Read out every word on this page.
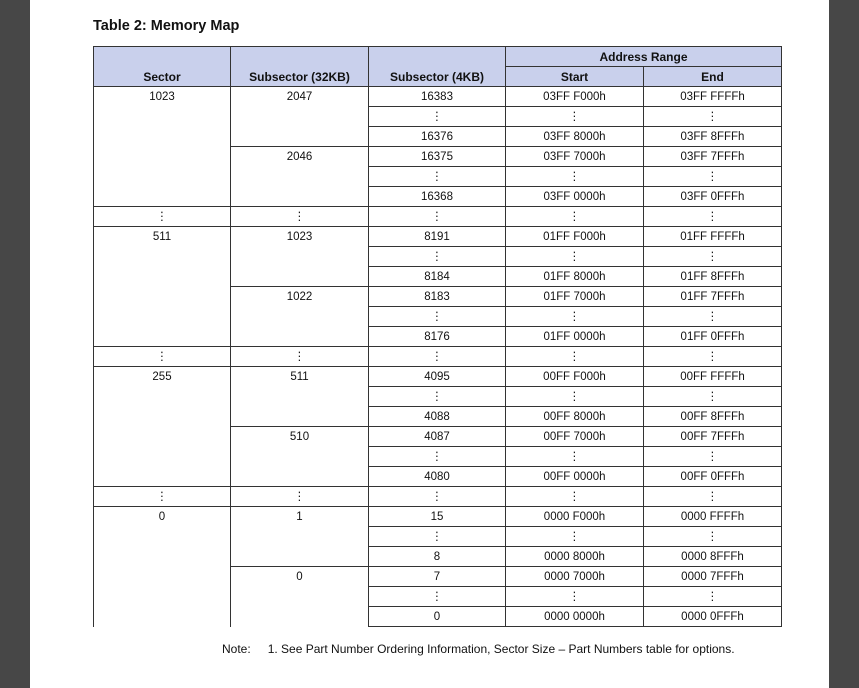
Table 2: Memory Map
Sector	Subsector (32KB)	Subsector (4KB)	Address Range	
			Start	End
1023	2047	16383	03FF F000h	03FF FFFFh
		⋮	⋮	⋮
		16376	03FF 8000h	03FF 8FFFh
	2046	16375	03FF 7000h	03FF 7FFFh
		⋮	⋮	⋮
		16368	03FF 0000h	03FF 0FFFh
⋮	⋮	⋮	⋮	⋮
511	1023	8191	01FF F000h	01FF FFFFh
		⋮	⋮	⋮
		8184	01FF 8000h	01FF 8FFFh
	1022	8183	01FF 7000h	01FF 7FFFh
		⋮	⋮	⋮
		8176	01FF 0000h	01FF 0FFFh
⋮	⋮	⋮	⋮	⋮
255	511	4095	00FF F000h	00FF FFFFh
		⋮	⋮	⋮
		4088	00FF 8000h	00FF 8FFFh
	510	4087	00FF 7000h	00FF 7FFFh
		⋮	⋮	⋮
		4080	00FF 0000h	00FF 0FFFh
⋮	⋮	⋮	⋮	⋮
0	1	15	0000 F000h	0000 FFFFh
		⋮	⋮	⋮
		8	0000 8000h	0000 8FFFh
	0	7	0000 7000h	0000 7FFFh
		⋮	⋮	⋮
		0	0000 0000h	0000 0FFFh
Note: 1. See Part Number Ordering Information, Sector Size – Part Numbers table for options.
